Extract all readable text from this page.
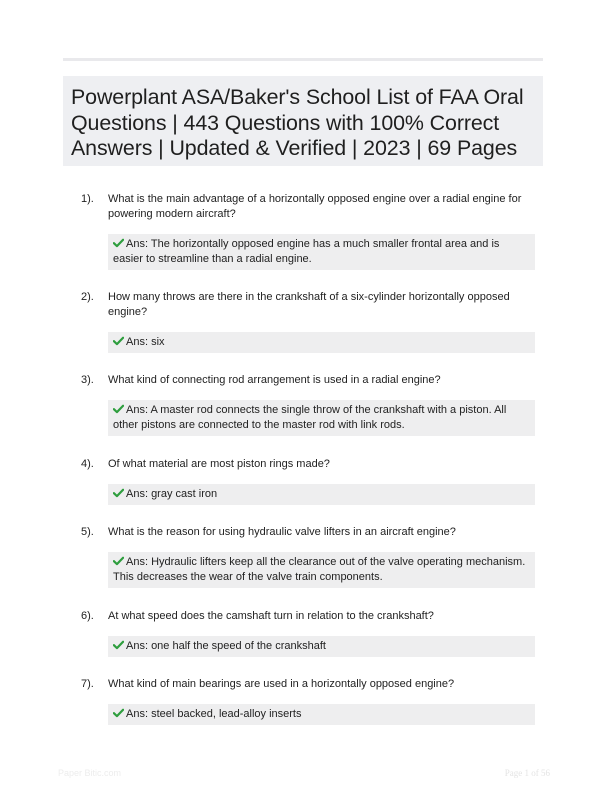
Powerplant ASA/Baker's School List of FAA Oral Questions | 443 Questions with 100% Correct Answers | Updated & Verified | 2023 | 69 Pages
1). What is the main advantage of a horizontally opposed engine over a radial engine for powering modern aircraft?
Ans: The horizontally opposed engine has a much smaller frontal area and is easier to streamline than a radial engine.
2). How many throws are there in the crankshaft of a six-cylinder horizontally opposed engine?
Ans: six
3). What kind of connecting rod arrangement is used in a radial engine?
Ans: A master rod connects the single throw of the crankshaft with a piston. All other pistons are connected to the master rod with link rods.
4). Of what material are most piston rings made?
Ans: gray cast iron
5). What is the reason for using hydraulic valve lifters in an aircraft engine?
Ans: Hydraulic lifters keep all the clearance out of the valve operating mechanism. This decreases the wear of the valve train components.
6). At what speed does the camshaft turn in relation to the crankshaft?
Ans: one half the speed of the crankshaft
7). What kind of main bearings are used in a horizontally opposed engine?
Ans: steel backed, lead-alloy inserts
Paper Bitic.com	Page 1 of 56
